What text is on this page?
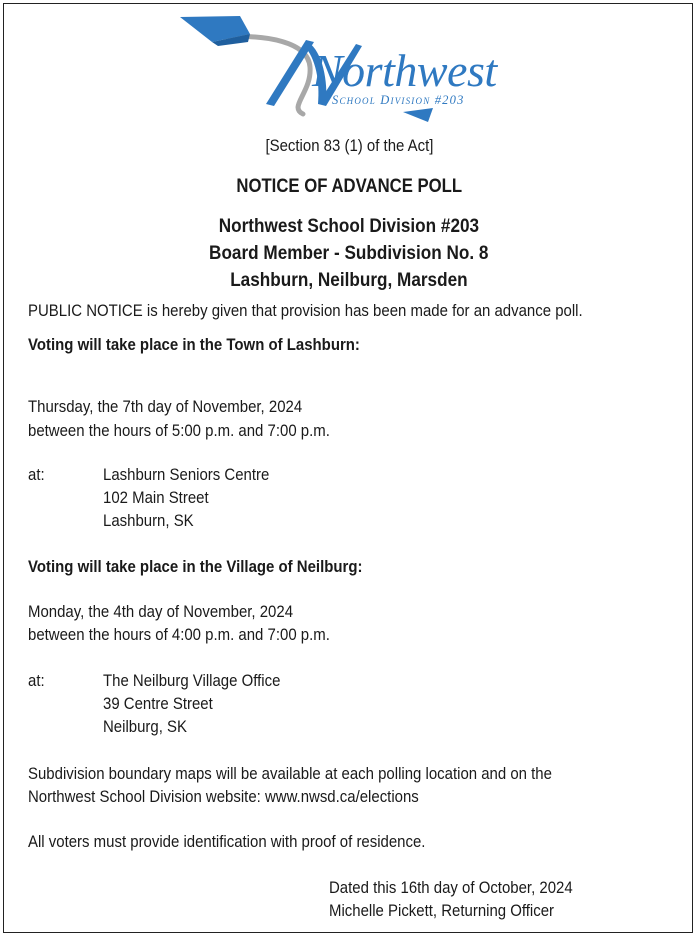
Northwest
School Division #203
[Section 83 (1) of the Act]
NOTICE OF ADVANCE POLL
Northwest School Division #203
Board Member - Subdivision No. 8
Lashburn, Neilburg, Marsden
PUBLIC NOTICE is hereby given that provision has been made for an advance poll.
Voting will take place in the Town of Lashburn:
Thursday, the 7th day of November, 2024
between the hours of 5:00 p.m. and 7:00 p.m.
at:	Lashburn Seniors Centre
102 Main Street
Lashburn, SK
Voting will take place in the Village of Neilburg:
Monday, the 4th day of November, 2024
between the hours of 4:00 p.m. and 7:00 p.m.
at:	The Neilburg Village Office
39 Centre Street
Neilburg, SK
Subdivision boundary maps will be available at each polling location and on the
Northwest School Division website: www.nwsd.ca/elections
All voters must provide identification with proof of residence.
Dated this 16th day of October, 2024
Michelle Pickett, Returning Officer
